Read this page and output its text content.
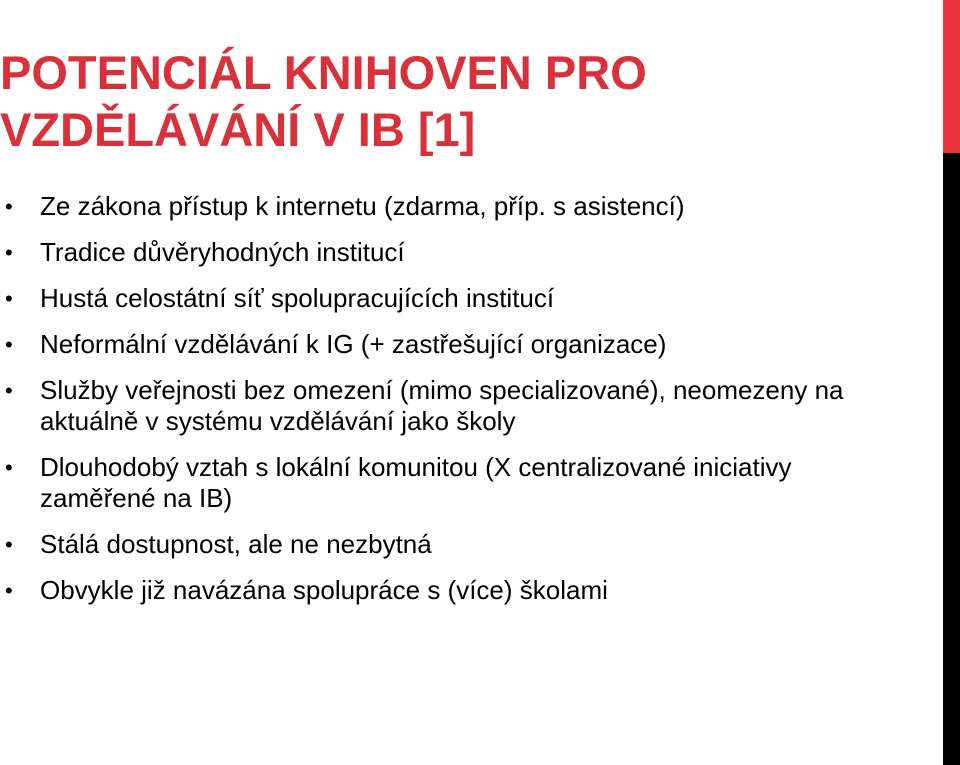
POTENCIÁL KNIHOVEN PRO
VZDĚLÁVÁNÍ V IB [1]
• Ze zákona přístup k internetu (zdarma, příp. s asistencí)
• Tradice důvěryhodných institucí
• Hustá celostátní síť spolupracujících institucí
• Neformální vzdělávání k IG (+ zastřešující organizace)
• Služby veřejnosti bez omezení (mimo specializované), neomezeny na aktuálně v systému vzdělávání jako školy
• Dlouhodobý vztah s lokální komunitou (X centralizované iniciativy zaměřené na IB)
• Stálá dostupnost, ale ne nezbytná
• Obvykle již navázána spolupráce s (více) školami
